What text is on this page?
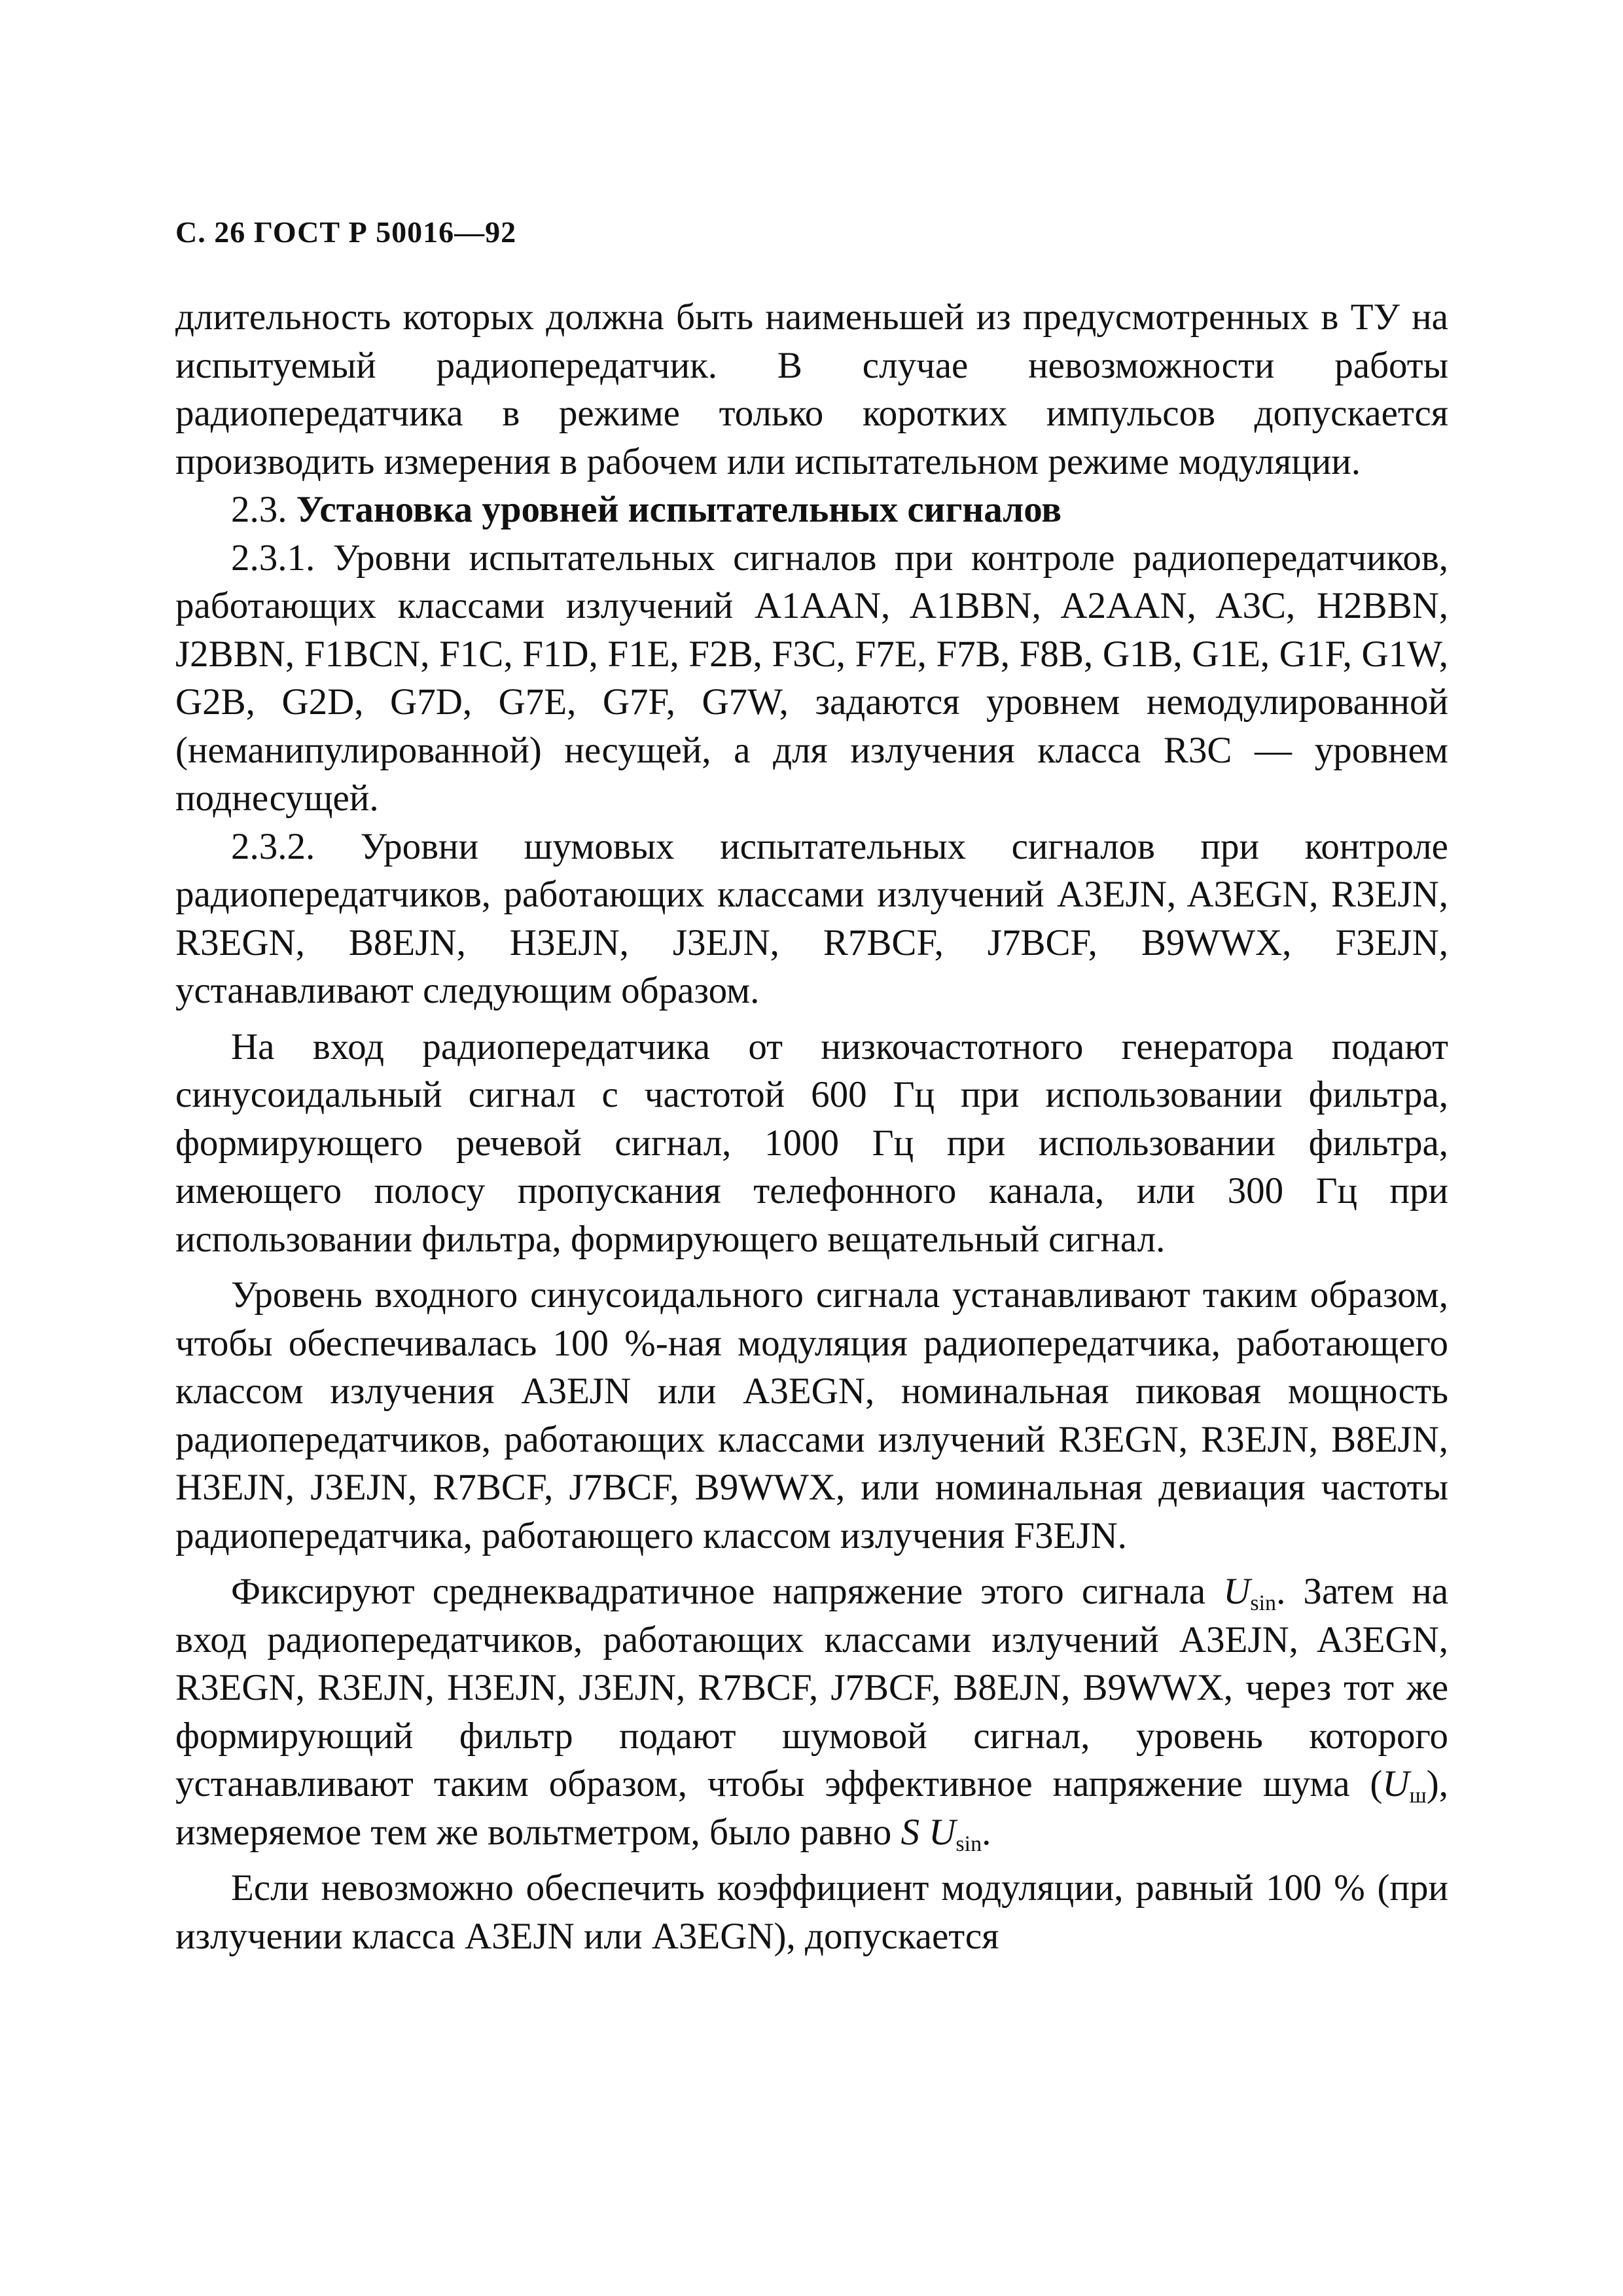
С. 26 ГОСТ Р 50016—92

длительность которых должна быть наименьшей из предусмотренных в ТУ на испытуемый радиопередатчик. В случае невозможности работы радиопередатчика в режиме только коротких импульсов допускается производить измерения в рабочем или испытательном режиме модуляции.

2.3. Установка уровней испытательных сигналов

2.3.1. Уровни испытательных сигналов при контроле радиопередатчиков, работающих классами излучений A1AAN, A1BBN, A2AAN, A3C, H2BBN, J2BBN, F1BCN, F1C, F1D, F1E, F2B, F3C, F7E, F7B, F8B, G1B, G1E, G1F, G1W, G2B, G2D, G7D, G7E, G7F, G7W, задаются уровнем немодулированной (неманипулированной) несущей, а для излучения класса R3C — уровнем поднесущей.

2.3.2. Уровни шумовых испытательных сигналов при контроле радиопередатчиков, работающих классами излучений A3EJN, A3EGN, R3EJN, R3EGN, B8EJN, H3EJN, J3EJN, R7BCF, J7BCF, B9WWX, F3EJN, устанавливают следующим образом.

На вход радиопередатчика от низкочастотного генератора подают синусоидальный сигнал с частотой 600 Гц при использовании фильтра, формирующего речевой сигнал, 1000 Гц при использовании фильтра, имеющего полосу пропускания телефонного канала, или 300 Гц при использовании фильтра, формирующего вещательный сигнал.

Уровень входного синусоидального сигнала устанавливают таким образом, чтобы обеспечивалась 100 %-ная модуляция радиопередатчика, работающего классом излучения A3EJN или A3EGN, номинальная пиковая мощность радиопередатчиков, работающих классами излучений R3EGN, R3EJN, B8EJN, H3EJN, J3EJN, R7BCF, J7BCF, B9WWX, или номинальная девиация частоты радиопередатчика, работающего классом излучения F3EJN.

Фиксируют среднеквадратичное напряжение этого сигнала $U_{sin}$. Затем на вход радиопередатчиков, работающих классами излучений A3EJN, A3EGN, R3EGN, R3EJN, H3EJN, J3EJN, R7BCF, J7BCF, B8EJN, B9WWX, через тот же формирующий фильтр подают шумовой сигнал, уровень которого устанавливают таким образом, чтобы эффективное напряжение шума $(U_ш)$, измеряемое тем же вольтметром, было равно S $U_{sin}$.

Если невозможно обеспечить коэффициент модуляции, равный 100 % (при излучении класса A3EJN или A3EGN), допускается
